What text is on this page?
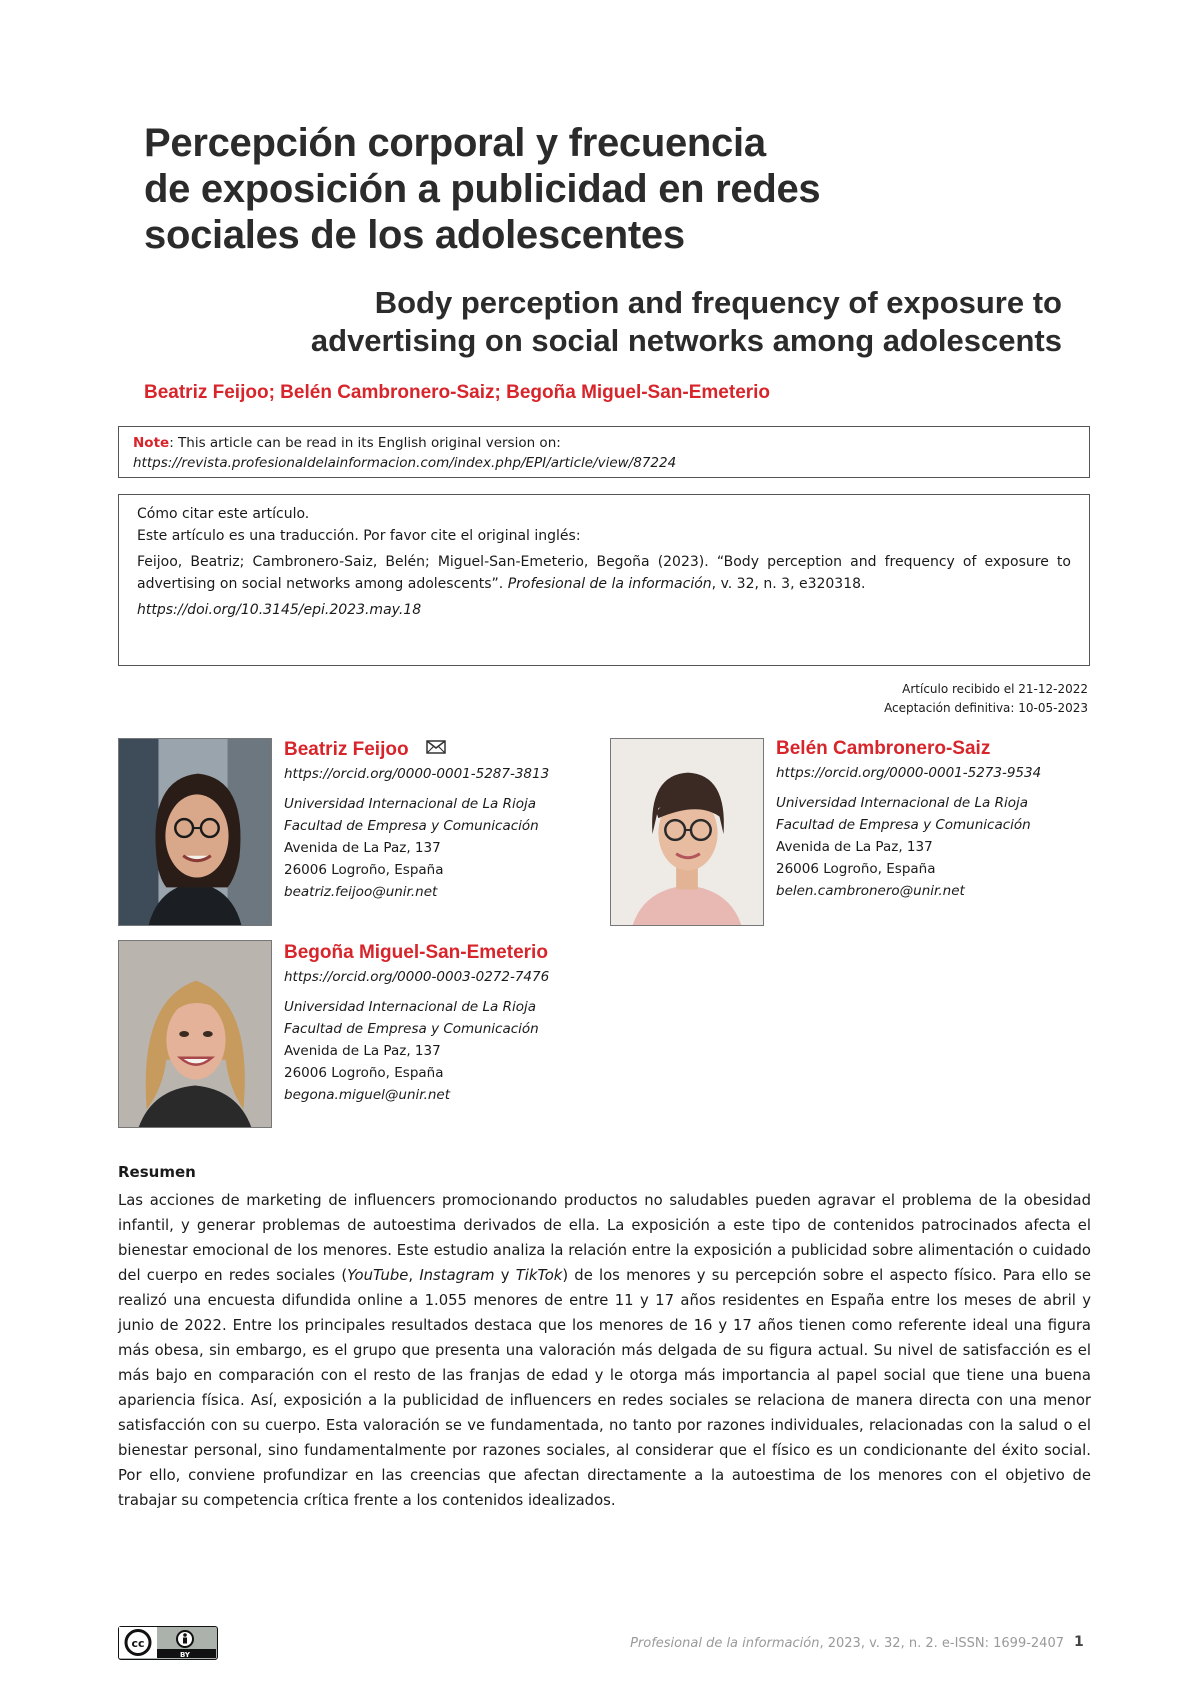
Percepción corporal y frecuencia
de exposición a publicidad en redes
sociales de los adolescentes
Body perception and frequency of exposure to
advertising on social networks among adolescents
Beatriz Feijoo; Belén Cambronero-Saiz; Begoña Miguel-San-Emeterio
Note: This article can be read in its English original version on:
https://revista.profesionaldelainformacion.com/index.php/EPI/article/view/87224

Cómo citar este artículo.

Este artículo es una traducción. Por favor cite el original inglés:

Feijoo, Beatriz; Cambronero-Saiz, Belén; Miguel-San-Emeterio, Begoña (2023). “Body perception and frequency of exposure to advertising on social networks among adolescents”. Profesional de la información, v. 32, n. 3, e320318.

https://doi.org/10.3145/epi.2023.may.18

Artículo recibido el 21-12-2022
Aceptación definitiva: 10-05-2023
Beatriz Feijoo
https://orcid.org/0000-0001-5287-3813
Universidad Internacional de La Rioja
Facultad de Empresa y Comunicación
Avenida de La Paz, 137
26006 Logroño, España
beatriz.feijoo@unir.net
Belén Cambronero-Saiz
https://orcid.org/0000-0001-5273-9534
Universidad Internacional de La Rioja
Facultad de Empresa y Comunicación
Avenida de La Paz, 137
26006 Logroño, España
belen.cambronero@unir.net
Begoña Miguel-San-Emeterio
https://orcid.org/0000-0003-0272-7476
Universidad Internacional de La Rioja
Facultad de Empresa y Comunicación
Avenida de La Paz, 137
26006 Logroño, España
begona.miguel@unir.net
Resumen

Las acciones de marketing de influencers promocionando productos no saludables pueden agravar el problema de la obesidad infantil, y generar problemas de autoestima derivados de ella. La exposición a este tipo de contenidos patrocinados afecta el bienestar emocional de los menores. Este estudio analiza la relación entre la exposición a publicidad sobre alimentación o cuidado del cuerpo en redes sociales (YouTube, Instagram y TikTok) de los menores y su percepción sobre el aspecto físico. Para ello se realizó una encuesta difundida online a 1.055 menores de entre 11 y 17 años residentes en España entre los meses de abril y junio de 2022. Entre los principales resultados destaca que los menores de 16 y 17 años tienen como referente ideal una figura más obesa, sin embargo, es el grupo que presenta una valoración más delgada de su figura actual. Su nivel de satisfacción es el más bajo en comparación con el resto de las franjas de edad y le otorga más importancia al papel social que tiene una buena apariencia física. Así, exposición a la publicidad de influencers en redes sociales se relaciona de manera directa con una menor satisfacción con su cuerpo. Esta valoración se ve fundamentada, no tanto por razones individuales, relacionadas con la salud o el bienestar personal, sino fundamentalmente por razones sociales, al considerar que el físico es un condicionante del éxito social. Por ello, conviene profundizar en las creencias que afectan directamente a la autoestima de los menores con el objetivo de trabajar su competencia crítica frente a los contenidos idealizados.

cc
BY
Profesional de la información, 2023, v. 32, n. 2. e-ISSN: 1699-2407 1
